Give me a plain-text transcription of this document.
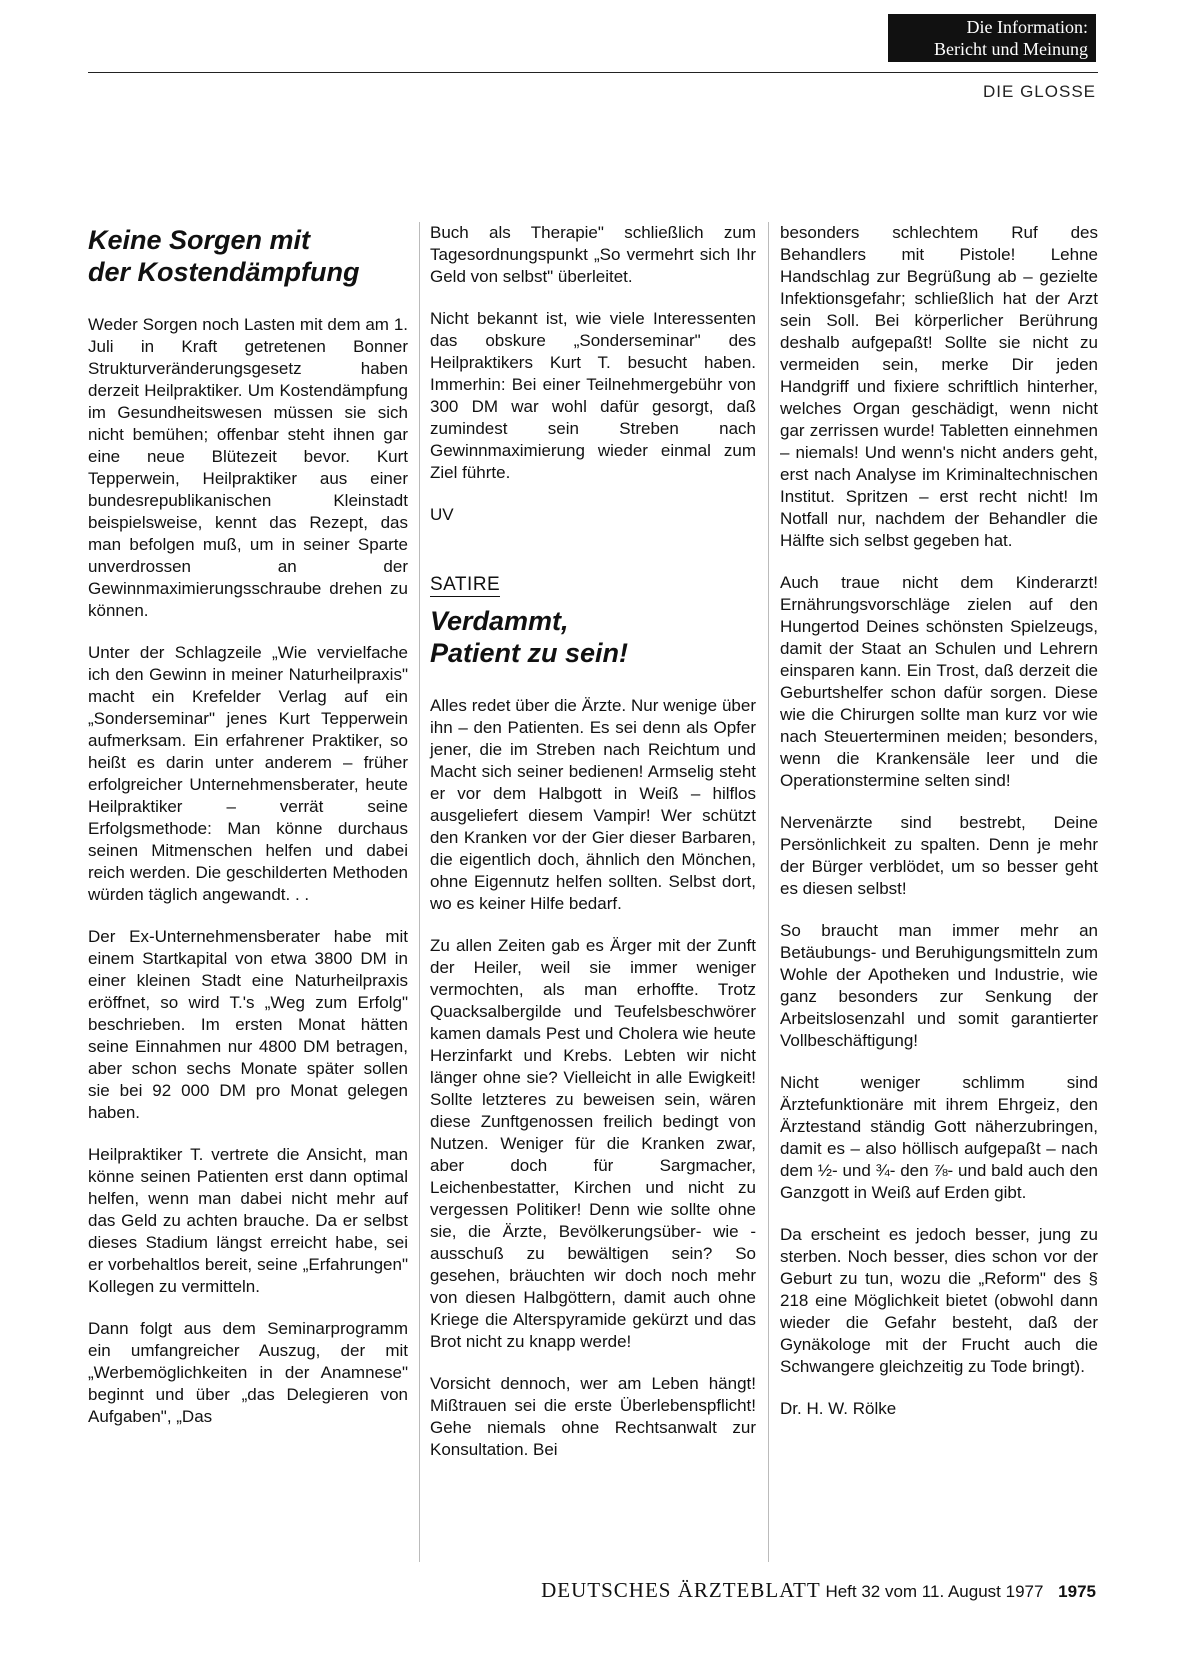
Die Information:
Bericht und Meinung
DIE GLOSSE
Keine Sorgen mit
der Kostendämpfung

Weder Sorgen noch Lasten mit dem am 1. Juli in Kraft getretenen Bonner Strukturveränderungsgesetz haben derzeit Heilpraktiker. Um Kostendämpfung im Gesundheitswesen müssen sie sich nicht bemühen; offenbar steht ihnen gar eine neue Blütezeit bevor. Kurt Tepperwein, Heilpraktiker aus einer bundesrepublikanischen Kleinstadt beispielsweise, kennt das Rezept, das man befolgen muß, um in seiner Sparte unverdrossen an der Gewinnmaximierungsschraube drehen zu können.

Unter der Schlagzeile „Wie vervielfache ich den Gewinn in meiner Naturheilpraxis" macht ein Krefelder Verlag auf ein „Sonderseminar" jenes Kurt Tepperwein aufmerksam. Ein erfahrener Praktiker, so heißt es darin unter anderem – früher erfolgreicher Unternehmensberater, heute Heilpraktiker – verrät seine Erfolgsmethode: Man könne durchaus seinen Mitmenschen helfen und dabei reich werden. Die geschilderten Methoden würden täglich angewandt. . .

Der Ex-Unternehmensberater habe mit einem Startkapital von etwa 3800 DM in einer kleinen Stadt eine Naturheilpraxis eröffnet, so wird T.'s „Weg zum Erfolg" beschrieben. Im ersten Monat hätten seine Einnahmen nur 4800 DM betragen, aber schon sechs Monate später sollen sie bei 92 000 DM pro Monat gelegen haben.

Heilpraktiker T. vertrete die Ansicht, man könne seinen Patienten erst dann optimal helfen, wenn man dabei nicht mehr auf das Geld zu achten brauche. Da er selbst dieses Stadium längst erreicht habe, sei er vorbehaltlos bereit, seine „Erfahrungen" Kollegen zu vermitteln.

Dann folgt aus dem Seminarprogramm ein umfangreicher Auszug, der mit „Werbemöglichkeiten in der Anamnese" beginnt und über „das Delegieren von Aufgaben", „Das

Buch als Therapie" schließlich zum Tagesordnungspunkt „So vermehrt sich Ihr Geld von selbst" überleitet.

Nicht bekannt ist, wie viele Interessenten das obskure „Sonderseminar" des Heilpraktikers Kurt T. besucht haben. Immerhin: Bei einer Teilnehmergebühr von 300 DM war wohl dafür gesorgt, daß zumindest sein Streben nach Gewinnmaximierung wieder einmal zum Ziel führte.

UV

SATIRE
Verdammt,
Patient zu sein!

Alles redet über die Ärzte. Nur wenige über ihn – den Patienten. Es sei denn als Opfer jener, die im Streben nach Reichtum und Macht sich seiner bedienen! Armselig steht er vor dem Halbgott in Weiß – hilflos ausgeliefert diesem Vampir! Wer schützt den Kranken vor der Gier dieser Barbaren, die eigentlich doch, ähnlich den Mönchen, ohne Eigennutz helfen sollten. Selbst dort, wo es keiner Hilfe bedarf.

Zu allen Zeiten gab es Ärger mit der Zunft der Heiler, weil sie immer weniger vermochten, als man erhoffte. Trotz Quacksalbergilde und Teufelsbeschwörer kamen damals Pest und Cholera wie heute Herzinfarkt und Krebs. Lebten wir nicht länger ohne sie? Vielleicht in alle Ewigkeit! Sollte letzteres zu beweisen sein, wären diese Zunftgenossen freilich bedingt von Nutzen. Weniger für die Kranken zwar, aber doch für Sargmacher, Leichenbestatter, Kirchen und nicht zu vergessen Politiker! Denn wie sollte ohne sie, die Ärzte, Bevölkerungsüber- wie -ausschuß zu bewältigen sein? So gesehen, bräuchten wir doch noch mehr von diesen Halbgöttern, damit auch ohne Kriege die Alterspyramide gekürzt und das Brot nicht zu knapp werde!

Vorsicht dennoch, wer am Leben hängt! Mißtrauen sei die erste Überlebenspflicht! Gehe niemals ohne Rechtsanwalt zur Konsultation. Bei

besonders schlechtem Ruf des Behandlers mit Pistole! Lehne Handschlag zur Begrüßung ab – gezielte Infektionsgefahr; schließlich hat der Arzt sein Soll. Bei körperlicher Berührung deshalb aufgepaßt! Sollte sie nicht zu vermeiden sein, merke Dir jeden Handgriff und fixiere schriftlich hinterher, welches Organ geschädigt, wenn nicht gar zerrissen wurde! Tabletten einnehmen – niemals! Und wenn's nicht anders geht, erst nach Analyse im Kriminaltechnischen Institut. Spritzen – erst recht nicht! Im Notfall nur, nachdem der Behandler die Hälfte sich selbst gegeben hat.

Auch traue nicht dem Kinderarzt! Ernährungsvorschläge zielen auf den Hungertod Deines schönsten Spielzeugs, damit der Staat an Schulen und Lehrern einsparen kann. Ein Trost, daß derzeit die Geburtshelfer schon dafür sorgen. Diese wie die Chirurgen sollte man kurz vor wie nach Steuerterminen meiden; besonders, wenn die Krankensäle leer und die Operationstermine selten sind!

Nervenärzte sind bestrebt, Deine Persönlichkeit zu spalten. Denn je mehr der Bürger verblödet, um so besser geht es diesen selbst!

So braucht man immer mehr an Betäubungs- und Beruhigungsmitteln zum Wohle der Apotheken und Industrie, wie ganz besonders zur Senkung der Arbeitslosenzahl und somit garantierter Vollbeschäftigung!

Nicht weniger schlimm sind Ärztefunktionäre mit ihrem Ehrgeiz, den Ärztestand ständig Gott näherzubringen, damit es – also höllisch aufgepaßt – nach dem ½- und ¾- den ⅞- und bald auch den Ganzgott in Weiß auf Erden gibt.

Da erscheint es jedoch besser, jung zu sterben. Noch besser, dies schon vor der Geburt zu tun, wozu die „Reform" des § 218 eine Möglichkeit bietet (obwohl dann wieder die Gefahr besteht, daß der Gynäkologe mit der Frucht auch die Schwangere gleichzeitig zu Tode bringt).

Dr. H. W. Rölke

DEUTSCHES ÄRZTEBLATT Heft 32 vom 11. August 1977 1975
